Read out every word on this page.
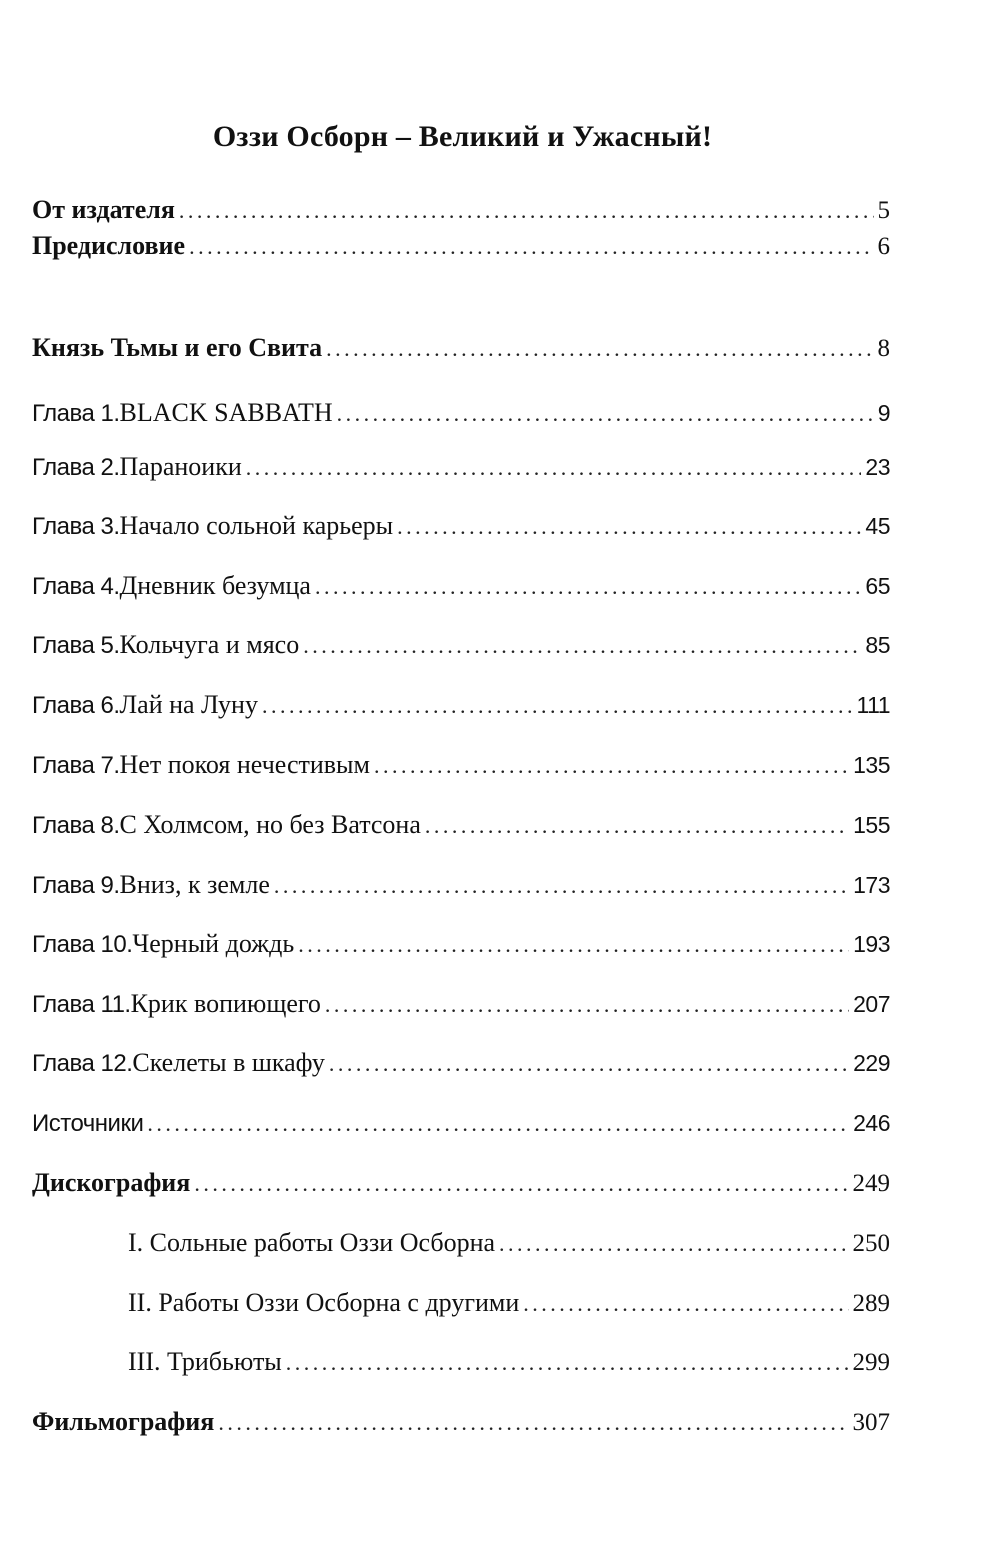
Оззи Осборн – Великий и Ужасный!
От издателя . . .	5
Предисловие . . .	6
Князь Тьмы и его Свита . . .	8
Глава 1. BLACK SABBATH . . .	9
Глава 2. Параноики . . .	23
Глава 3. Начало сольной карьеры . . .	45
Глава 4. Дневник безумца . . .	65
Глава 5. Кольчуга и мясо . . .	85
Глава 6. Лай на Луну . . .	111
Глава 7. Нет покоя нечестивым . . .	135
Глава 8. С Холмсом, но без Ватсона . . .	155
Глава 9. Вниз, к земле . . .	173
Глава 10. Черный дождь . . .	193
Глава 11. Крик вопиющего . . .	207
Глава 12. Скелеты в шкафу . . .	229
Источники . . .	246
Дискография . . .	249
I. Сольные работы Оззи Осборна . . .	250
II. Работы Оззи Осборна с другими . . .	289
III. Трибьюты . . .	299
Фильмография . . .	307
